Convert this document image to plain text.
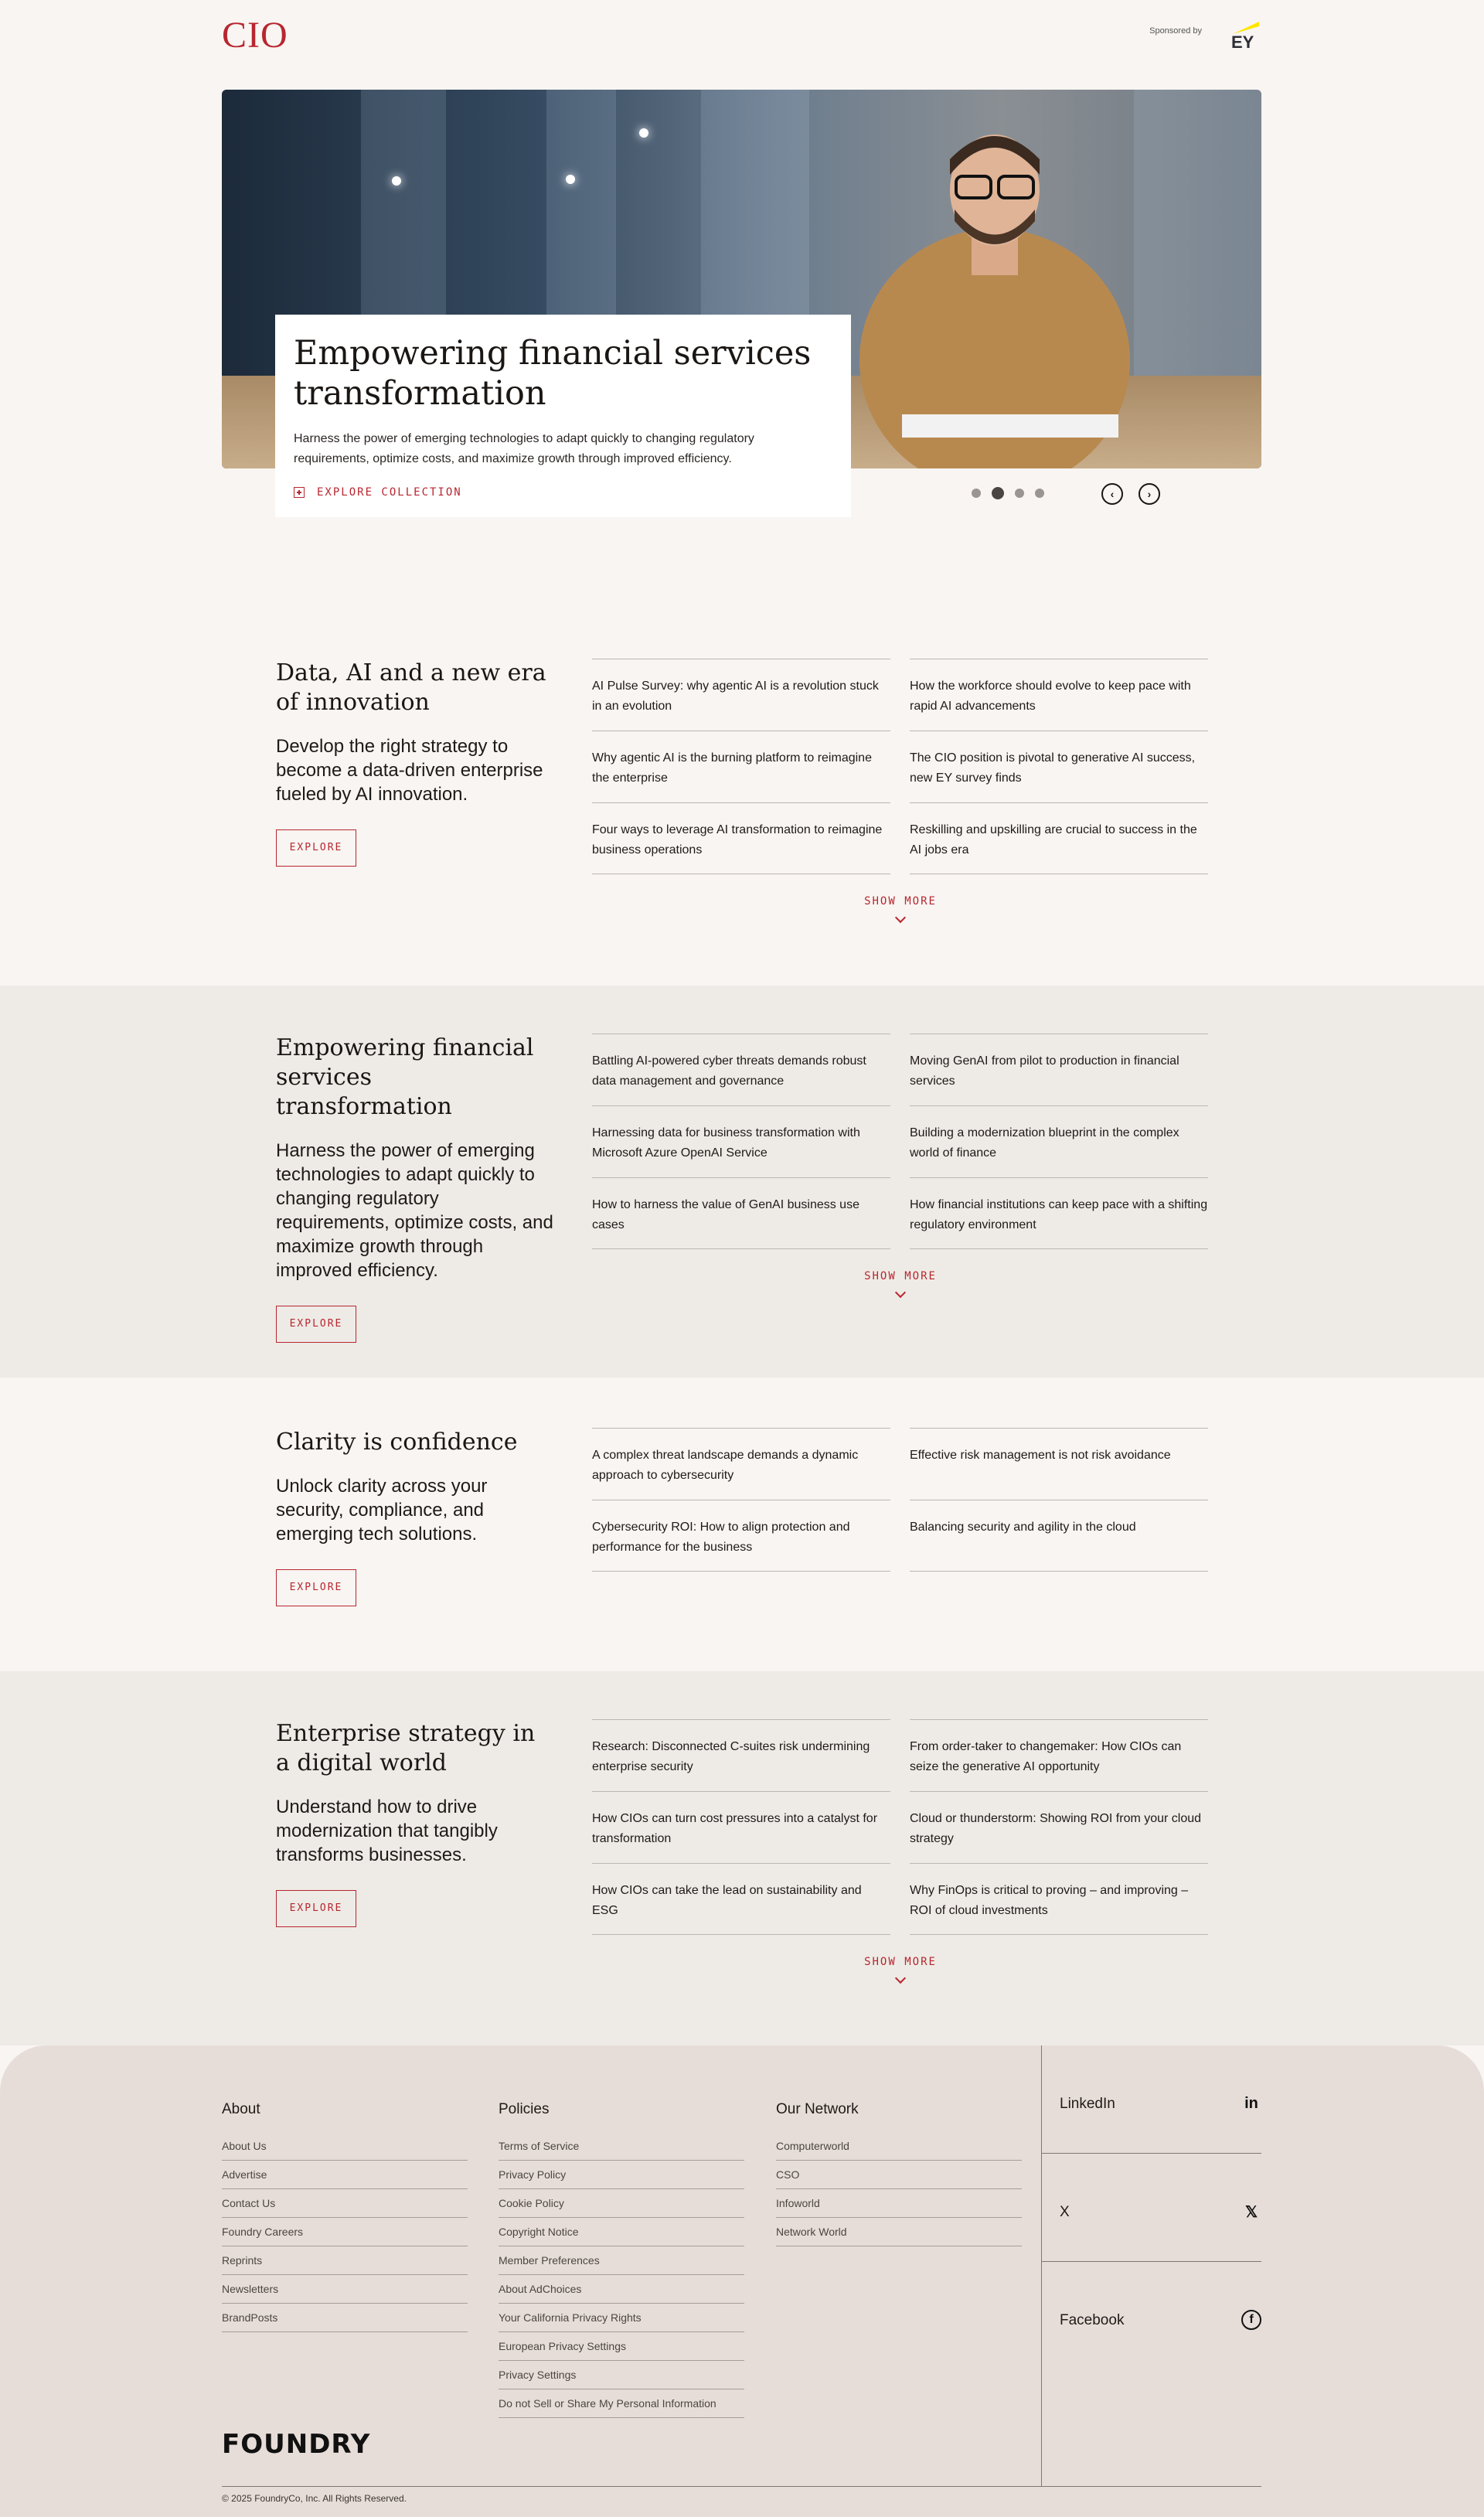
CIO	Sponsored by
EY
Empowering financial services transformation

Harness the power of emerging technologies to adapt quickly to changing regulatory requirements, optimize costs, and maximize growth through improved efficiency.

EXPLORE COLLECTION	‹	›
Data, AI and a new era of innovation

Develop the right strategy to become a data-driven enterprise fueled by AI innovation.

EXPLORE
AI Pulse Survey: why agentic AI is a revolution stuck in an evolution
How the workforce should evolve to keep pace with rapid AI advancements
Why agentic AI is the burning platform to reimagine the enterprise
The CIO position is pivotal to generative AI success, new EY survey finds
Four ways to leverage AI transformation to reimagine business operations
Reskilling and upskilling are crucial to success in the AI jobs era
SHOW MORE
Empowering financial services transformation

Harness the power of emerging technologies to adapt quickly to changing regulatory requirements, optimize costs, and maximize growth through improved efficiency.

EXPLORE
Battling AI-powered cyber threats demands robust data management and governance
Moving GenAI from pilot to production in financial services
Harnessing data for business transformation with Microsoft Azure OpenAI Service
Building a modernization blueprint in the complex world of finance
How to harness the value of GenAI business use cases
How financial institutions can keep pace with a shifting regulatory environment
SHOW MORE
Clarity is confidence

Unlock clarity across your security, compliance, and emerging tech solutions.

EXPLORE
A complex threat landscape demands a dynamic approach to cybersecurity
Effective risk management is not risk avoidance
Cybersecurity ROI: How to align protection and performance for the business
Balancing security and agility in the cloud
Enterprise strategy in a digital world

Understand how to drive modernization that tangibly transforms businesses.

EXPLORE
Research: Disconnected C-suites risk undermining enterprise security
From order-taker to changemaker: How CIOs can seize the generative AI opportunity
How CIOs can turn cost pressures into a catalyst for transformation
Cloud or thunderstorm: Showing ROI from your cloud strategy
How CIOs can take the lead on sustainability and ESG
Why FinOps is critical to proving – and improving – ROI of cloud investments
SHOW MORE
About
About Us
Advertise
Contact Us
Foundry Careers
Reprints
Newsletters
BrandPosts
Policies
Terms of Service
Privacy Policy
Cookie Policy
Copyright Notice
Member Preferences
About AdChoices
Your California Privacy Rights
European Privacy Settings
Privacy Settings
Do not Sell or Share My Personal Information
Our Network
Computerworld
CSO
Infoworld
Network World
LinkedIn	in
X	𝕏
Facebook	f
FOUNDRY
© 2025 FoundryCo, Inc. All Rights Reserved.
